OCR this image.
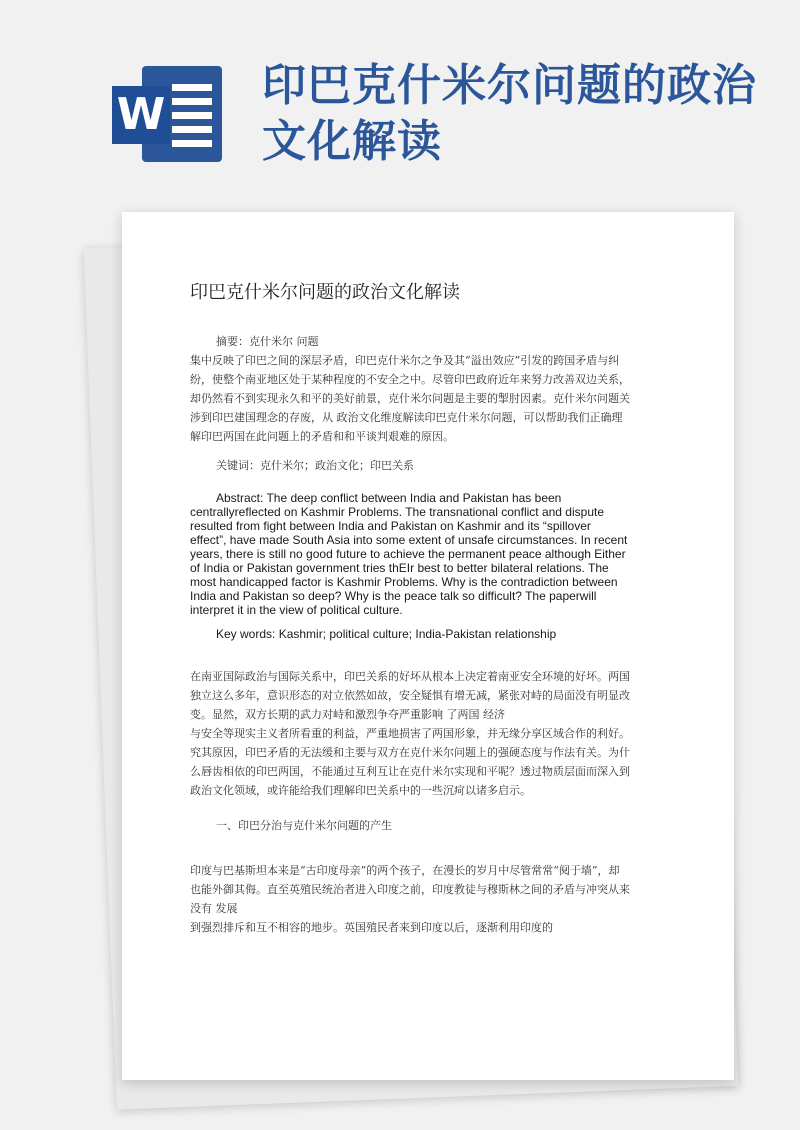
W
印巴克什米尔问题的政治文化解读
印巴克什米尔问题的政治文化解读

摘要：克什米尔 问题

集中反映了印巴之间的深层矛盾，印巴克什米尔之争及其“溢出效应”引发的跨国矛盾与纠纷，使整个南亚地区处于某种程度的不安全之中。尽管印巴政府近年来努力改善双边关系，却仍然看不到实现永久和平的美好前景，克什米尔问题是主要的掣肘因素。克什米尔问题关涉到印巴建国理念的存废，从 政治文化维度解读印巴克什米尔问题，可以帮助我们正确理解印巴两国在此问题上的矛盾和和平谈判艰难的原因。

关键词：克什米尔；政治文化；印巴关系

Abstract: The deep conflict between India and Pakistan has been centrallyreflected on Kashmir Problems. The transnational conflict and dispute resulted from fight between India and Pakistan on Kashmir and its “spillover effect”, have made South Asia into some extent of unsafe circumstances. In recent years, there is still no good future to achieve the permanent peace although Either of India or Pakistan government tries thEIr best to better bilateral relations. The most handicapped factor is Kashmir Problems. Why is the contradiction between India and Pakistan so deep? Why is the peace talk so difficult? The paperwill interpret it in the view of political culture.

Key words: Kashmir; political culture; India-Pakistan relationship

在南亚国际政治与国际关系中，印巴关系的好坏从根本上决定着南亚安全环境的好坏。两国独立这么多年，意识形态的对立依然如故，安全疑惧有增无减，紧张对峙的局面没有明显改变。显然，双方长期的武力对峙和激烈争夺严重影响 了两国 经济

与安全等现实主义者所看重的利益，严重地损害了两国形象，并无缘分享区域合作的利好。究其原因，印巴矛盾的无法缓和主要与双方在克什米尔问题上的强硬态度与作法有关。为什么唇齿相依的印巴两国，不能通过互利互让在克什米尔实现和平呢？透过物质层面而深入到政治文化领域，或许能给我们理解印巴关系中的一些沉疴以诸多启示。

一、印巴分治与克什米尔问题的产生

印度与巴基斯坦本来是“古印度母亲”的两个孩子，在漫长的岁月中尽管常常“阋于墙”，却也能外御其侮。直至英殖民统治者进入印度之前，印度教徒与穆斯林之间的矛盾与冲突从来没有 发展

到强烈排斥和互不相容的地步。英国殖民者来到印度以后，逐渐利用印度的
